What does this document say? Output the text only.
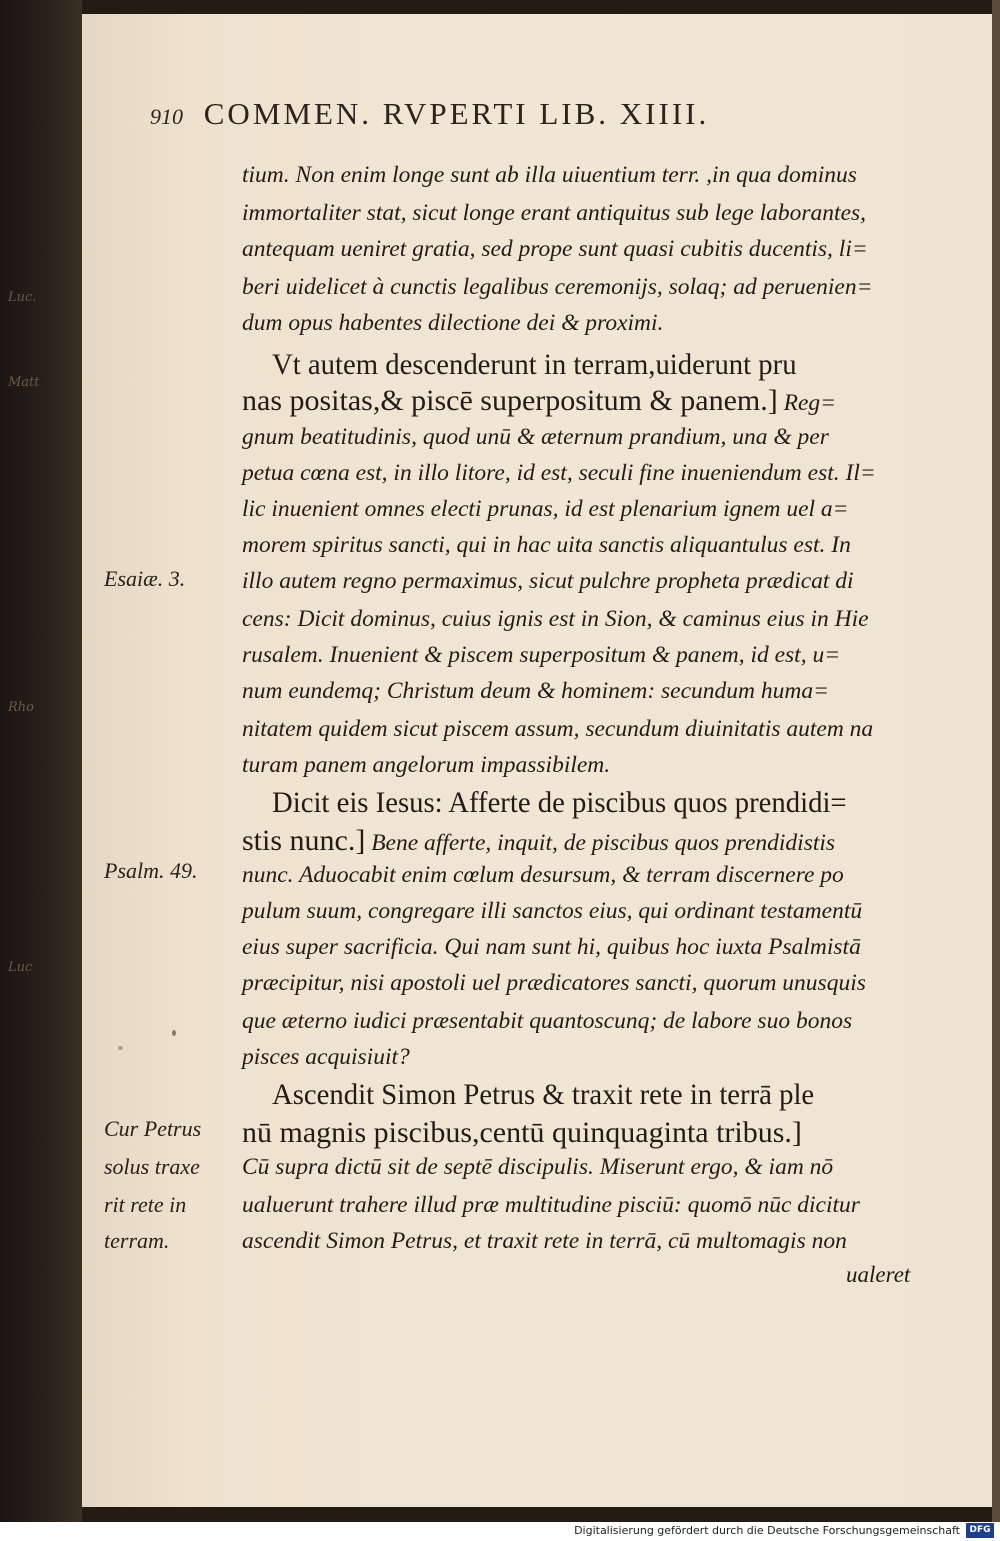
Luc.
Matt
Rho
Luc
910 COMMEN. RVPERTI LIB. XIIII.
tium. Non enim longe sunt ab illa uiuentium terr. ,in qua dominus
immortaliter stat, sicut longe erant antiquitus sub lege laborantes,
antequam ueniret gratia, sed prope sunt quasi cubitis ducentis, li=
beri uidelicet à cunctis legalibus ceremonijs, solaq; ad peruenien=
dum opus habentes dilectione dei & proximi.
Vt autem descenderunt in terram,uiderunt pru
nas positas,& piscē superpositum & panem.] Reg=
gnum beatitudinis, quod unū & æternum prandium, una & per
petua cœna est, in illo litore, id est, seculi fine inueniendum est. Il=
lic inuenient omnes electi prunas, id est plenarium ignem uel a=
morem spiritus sancti, qui in hac uita sanctis aliquantulus est. In
illo autem regno permaximus, sicut pulchre propheta prædicat di
cens: Dicit dominus, cuius ignis est in Sion, & caminus eius in Hie
rusalem. Inuenient & piscem superpositum & panem, id est, u=
num eundemq; Christum deum & hominem: secundum huma=
nitatem quidem sicut piscem assum, secundum diuinitatis autem na
turam panem angelorum impassibilem.
Dicit eis Iesus: Afferte de piscibus quos prendidi=
stis nunc.] Bene afferte, inquit, de piscibus quos prendidistis
nunc. Aduocabit enim cœlum desursum, & terram discernere po
pulum suum, congregare illi sanctos eius, qui ordinant testamentū
eius super sacrificia. Qui nam sunt hi, quibus hoc iuxta Psalmistā
præcipitur, nisi apostoli uel prædicatores sancti, quorum unusquis
que æterno iudici præsentabit quantoscunq; de labore suo bonos
pisces acquisiuit?
Ascendit Simon Petrus & traxit rete in terrā ple
nū magnis piscibus,centū quinquaginta tribus.]
Cū supra dictū sit de septē discipulis. Miserunt ergo, & iam nō
ualuerunt trahere illud præ multitudine pisciū: quomō nūc dicitur
ascendit Simon Petrus, et traxit rete in terrā, cū multomagis non
Esaiæ. 3.
Psalm. 49.
Cur Petrus
solus traxe
rit rete in
terram.
ualeret
Digitalisierung gefördert durch die Deutsche Forschungsgemeinschaft	DFG
